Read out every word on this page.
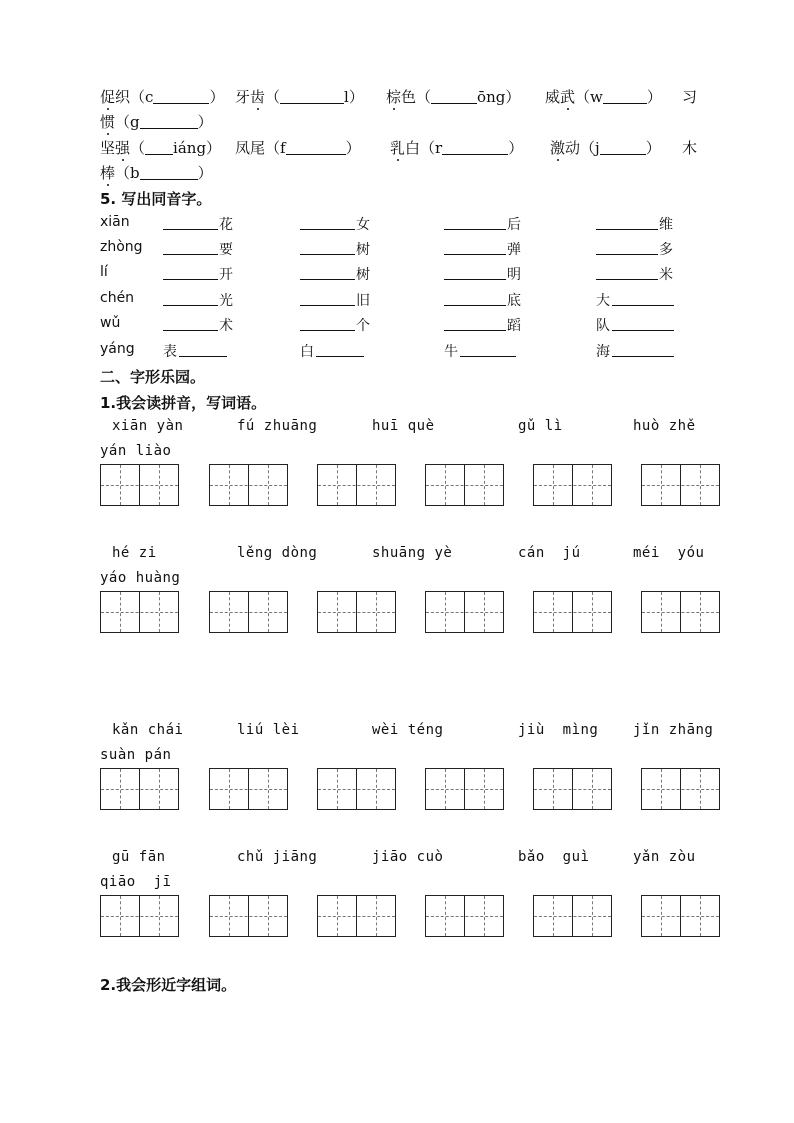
促织（c	） 牙齿（	l） 棕色（	ōng） 威武（w	） 习
惯（g	）
坚强（ iáng） 凤尾（f	） 乳白（r	） 激动（j	） 木
棒（b	）
5. 写出同音字。
xiān	花	女	后	维
zhòng	要	树	弹	多
lí	开	树	明	米
chén	光	旧	底	大
wǔ	术	个	蹈	队
yáng 表	白	牛	海
二、字形乐园。
1.我会读拼音，写词语。
xiān yàn	fú zhuāng	huī què	gǔ lì	huò zhě
yán liào
hé zi	lěng dòng	shuāng yè	cán  jú	méi  yóu
yáo huàng
kǎn chái	liú lèi	wèi téng	jiù  mìng jǐn zhāng
suàn pán
gū fān	chǔ jiāng	jiāo cuò	bǎo  guì	yǎn zòu
qiāo  jī
2.我会形近字组词。
